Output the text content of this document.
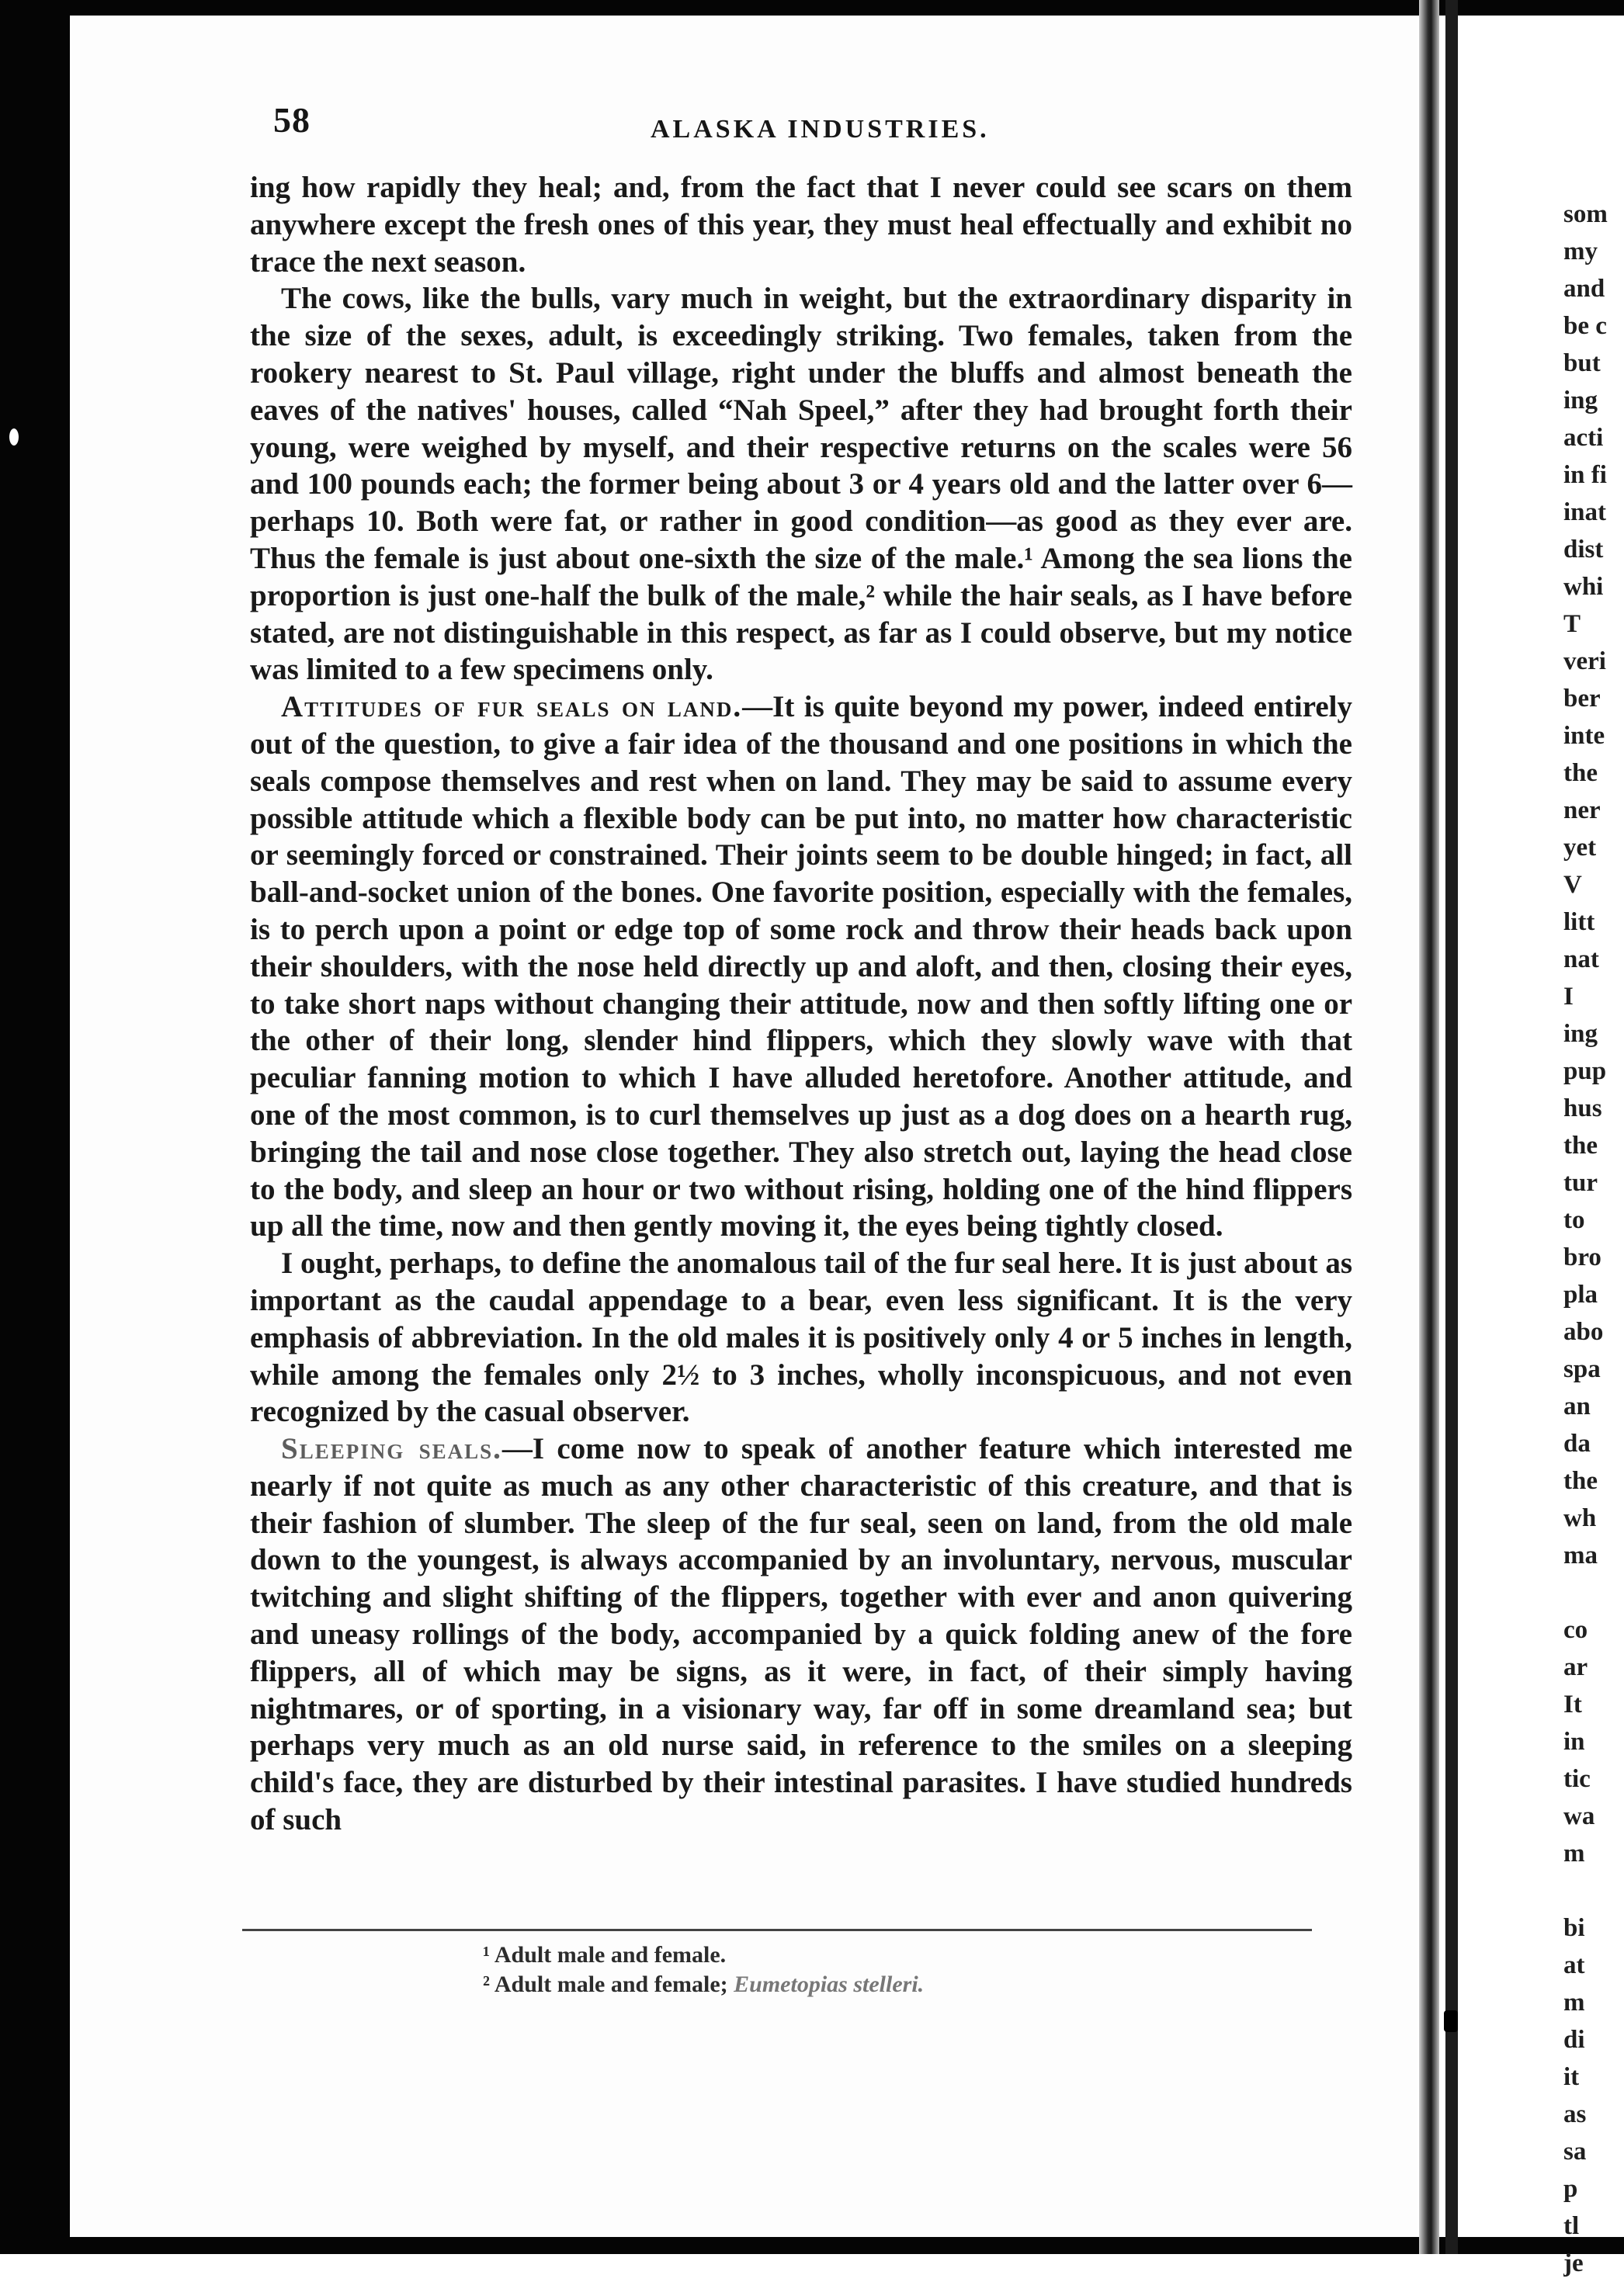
58	ALASKA INDUSTRIES.

ing how rapidly they heal; and, from the fact that I never could see scars on them anywhere except the fresh ones of this year, they must heal effectually and exhibit no trace the next season.

The cows, like the bulls, vary much in weight, but the extraordinary disparity in the size of the sexes, adult, is exceedingly striking. Two females, taken from the rookery nearest to St. Paul village, right under the bluffs and almost beneath the eaves of the natives' houses, called “Nah Speel,” after they had brought forth their young, were weighed by myself, and their respective returns on the scales were 56 and 100 pounds each; the former being about 3 or 4 years old and the latter over 6—perhaps 10. Both were fat, or rather in good condition—as good as they ever are. Thus the female is just about one-sixth the size of the male.¹ Among the sea lions the proportion is just one-half the bulk of the male,² while the hair seals, as I have before stated, are not distinguishable in this respect, as far as I could observe, but my notice was limited to a few specimens only.

Attitudes of fur seals on land.—It is quite beyond my power, indeed entirely out of the question, to give a fair idea of the thousand and one positions in which the seals compose themselves and rest when on land. They may be said to assume every possible attitude which a flexible body can be put into, no matter how characteristic or seemingly forced or constrained. Their joints seem to be double hinged; in fact, all ball-and-socket union of the bones. One favorite position, especially with the females, is to perch upon a point or edge top of some rock and throw their heads back upon their shoulders, with the nose held directly up and aloft, and then, closing their eyes, to take short naps without changing their attitude, now and then softly lifting one or the other of their long, slender hind flippers, which they slowly wave with that peculiar fanning motion to which I have alluded heretofore. Another attitude, and one of the most common, is to curl themselves up just as a dog does on a hearth rug, bringing the tail and nose close together. They also stretch out, laying the head close to the body, and sleep an hour or two without rising, holding one of the hind flippers up all the time, now and then gently moving it, the eyes being tightly closed.

I ought, perhaps, to define the anomalous tail of the fur seal here. It is just about as important as the caudal appendage to a bear, even less significant. It is the very emphasis of abbreviation. In the old males it is positively only 4 or 5 inches in length, while among the females only 2½ to 3 inches, wholly inconspicuous, and not even recognized by the casual observer.

Sleeping seals.—I come now to speak of another feature which interested me nearly if not quite as much as any other characteristic of this creature, and that is their fashion of slumber. The sleep of the fur seal, seen on land, from the old male down to the youngest, is always accompanied by an involuntary, nervous, muscular twitching and slight shifting of the flippers, together with ever and anon quivering and uneasy rollings of the body, accompanied by a quick folding anew of the fore flippers, all of which may be signs, as it were, in fact, of their simply having nightmares, or of sporting, in a visionary way, far off in some dreamland sea; but perhaps very much as an old nurse said, in reference to the smiles on a sleeping child's face, they are disturbed by their intestinal parasites. I have studied hundreds of such

¹ Adult male and female.
² Adult male and female; Eumetopias stelleri.
som
my
and
be c
but
ing
acti
in fi
inat
dist
whi
T
veri
ber
inte
the
ner
yet
V
litt
nat
I
ing
pup
hus
the
tur
to
bro
pla
abo
spa
an
da
the
wh
ma
co
ar
It
in
tic
wa
m
bi
at
m
di
it
as
sa
p
tl
je
